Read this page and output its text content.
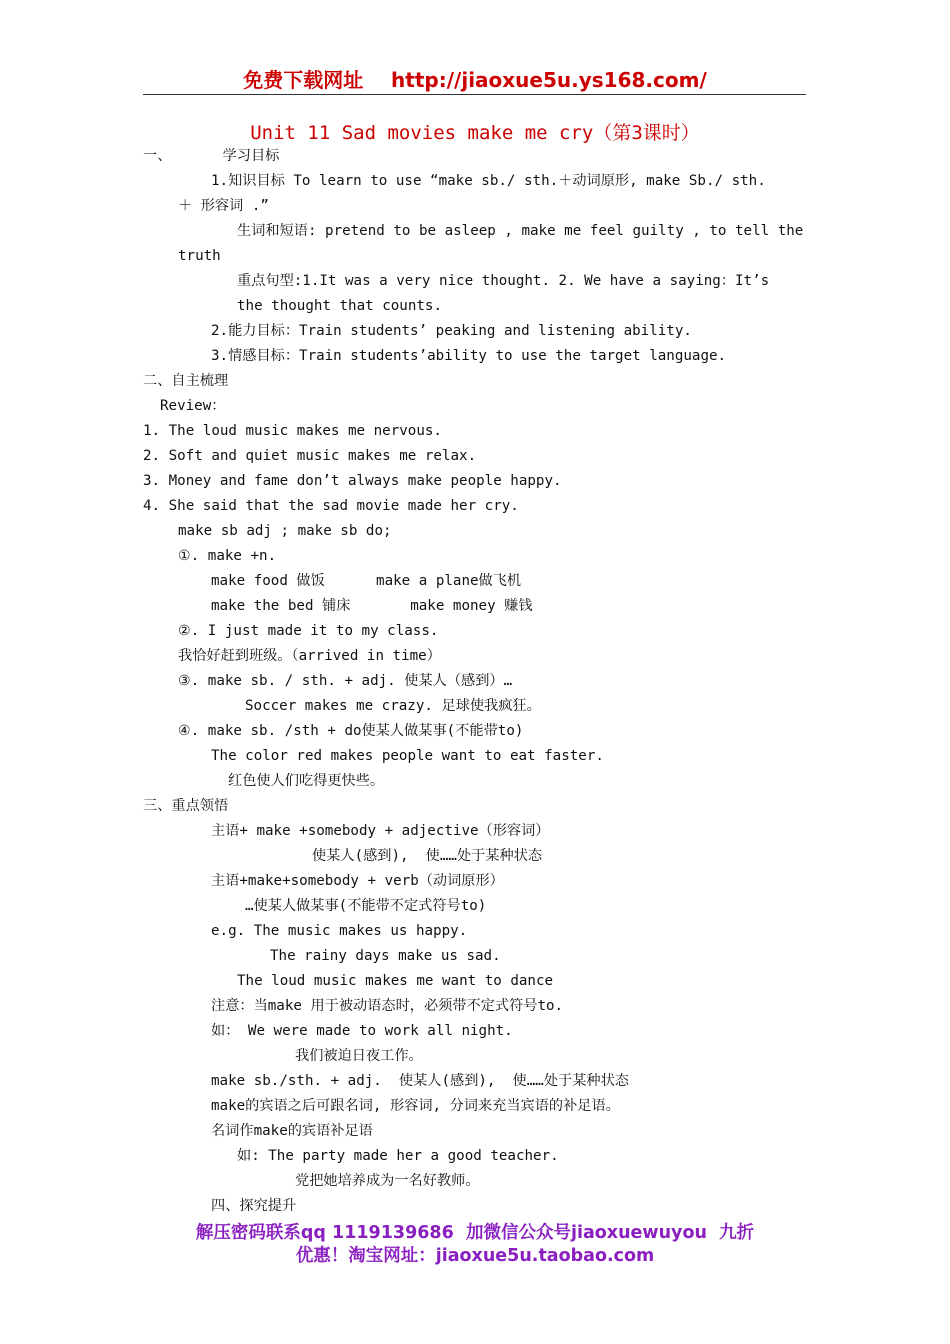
免费下载网址    http://jiaoxue5u.ys168.com/
Unit 11 Sad movies make me cry（第3课时）
一、      学习目标
1.知识目标 To learn to use “make sb./ sth.＋动词原形, make Sb./ sth.
＋ 形容词 .”
生词和短语: pretend to be asleep , make me feel guilty , to tell the
truth
重点句型:1.It was a very nice thought. 2. We have a saying：It’s
the thought that counts.
2.能力目标：Train students’ peaking and listening ability.
3.情感目标：Train students’ability to use the target language.
二、自主梳理
Review：
1. The loud music makes me nervous.
2. Soft and quiet music makes me relax.
3. Money and fame don’t always make people happy.
4. She said that the sad movie made her cry.
make sb adj ; make sb do;
①. make +n.
make food 做饭      make a plane做飞机
make the bed 铺床       make money 赚钱
②. I just made it to my class.
我恰好赶到班级。（arrived in time）
③. make sb. / sth. + adj. 使某人（感到）…
Soccer makes me crazy. 足球使我疯狂。
④. make sb. /sth + do使某人做某事(不能带to)
The color red makes people want to eat faster.
红色使人们吃得更快些。
三、重点领悟
主语+ make +somebody + adjective（形容词）
使某人(感到),  使……处于某种状态
主语+make+somebody + verb（动词原形）
…使某人做某事(不能带不定式符号to)
e.g. The music makes us happy.
The rainy days make us sad.
The loud music makes me want to dance
注意：当make 用于被动语态时，必须带不定式符号to.
如： We were made to work all night.
我们被迫日夜工作。
make sb./sth. + adj.  使某人(感到),  使……处于某种状态
make的宾语之后可跟名词, 形容词, 分词来充当宾语的补足语。
名词作make的宾语补足语
如: The party made her a good teacher.
党把她培养成为一名好教师。
四、探究提升
解压密码联系qq 1119139686  加微信公众号jiaoxuewuyou  九折
优惠！淘宝网址：jiaoxue5u.taobao.com
